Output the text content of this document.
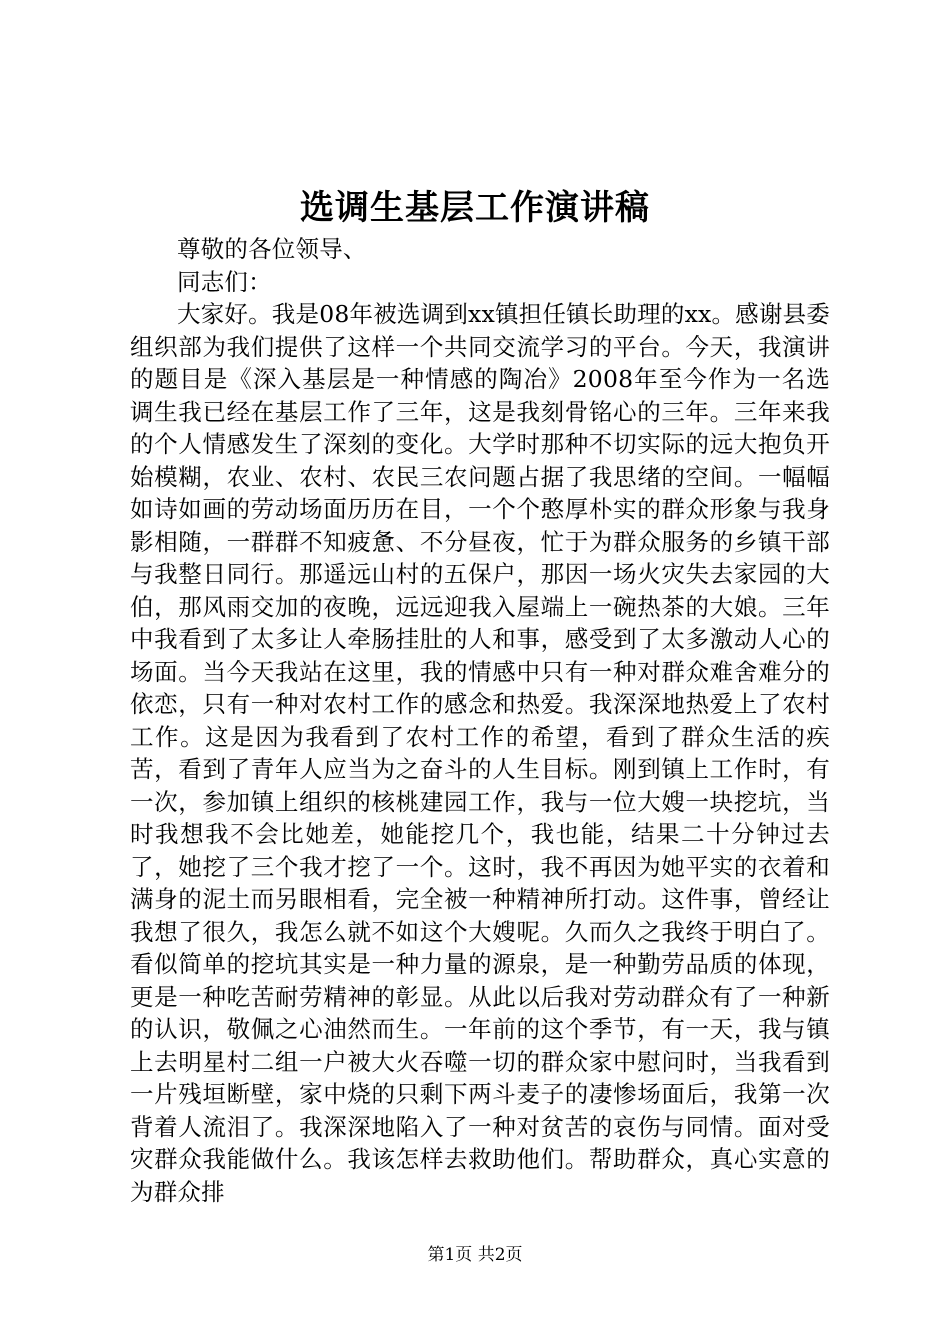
选调生基层工作演讲稿

尊敬的各位领导、

同志们：

大家好。我是08年被选调到xx镇担任镇长助理的xx。感谢县委组织部为我们提供了这样一个共同交流学习的平台。今天，我演讲的题目是《深入基层是一种情感的陶冶》2008年至今作为一名选调生我已经在基层工作了三年，这是我刻骨铭心的三年。三年来我的个人情感发生了深刻的变化。大学时那种不切实际的远大抱负开始模糊，农业、农村、农民三农问题占据了我思绪的空间。一幅幅如诗如画的劳动场面历历在目，一个个憨厚朴实的群众形象与我身影相随，一群群不知疲惫、不分昼夜，忙于为群众服务的乡镇干部与我整日同行。那遥远山村的五保户，那因一场火灾失去家园的大伯，那风雨交加的夜晚，远远迎我入屋端上一碗热茶的大娘。三年中我看到了太多让人牵肠挂肚的人和事，感受到了太多激动人心的场面。当今天我站在这里，我的情感中只有一种对群众难舍难分的依恋，只有一种对农村工作的感念和热爱。我深深地热爱上了农村工作。这是因为我看到了农村工作的希望，看到了群众生活的疾苦，看到了青年人应当为之奋斗的人生目标。刚到镇上工作时，有一次，参加镇上组织的核桃建园工作，我与一位大嫂一块挖坑，当时我想我不会比她差，她能挖几个，我也能，结果二十分钟过去了，她挖了三个我才挖了一个。这时，我不再因为她平实的衣着和满身的泥土而另眼相看，完全被一种精神所打动。这件事，曾经让我想了很久，我怎么就不如这个大嫂呢。久而久之我终于明白了。看似简单的挖坑其实是一种力量的源泉，是一种勤劳品质的体现，更是一种吃苦耐劳精神的彰显。从此以后我对劳动群众有了一种新的认识，敬佩之心油然而生。一年前的这个季节，有一天，我与镇上去明星村二组一户被大火吞噬一切的群众家中慰问时，当我看到一片残垣断壁，家中烧的只剩下两斗麦子的凄惨场面后，我第一次背着人流泪了。我深深地陷入了一种对贫苦的哀伤与同情。面对受灾群众我能做什么。我该怎样去救助他们。帮助群众，真心实意的为群众排

第1页 共2页
